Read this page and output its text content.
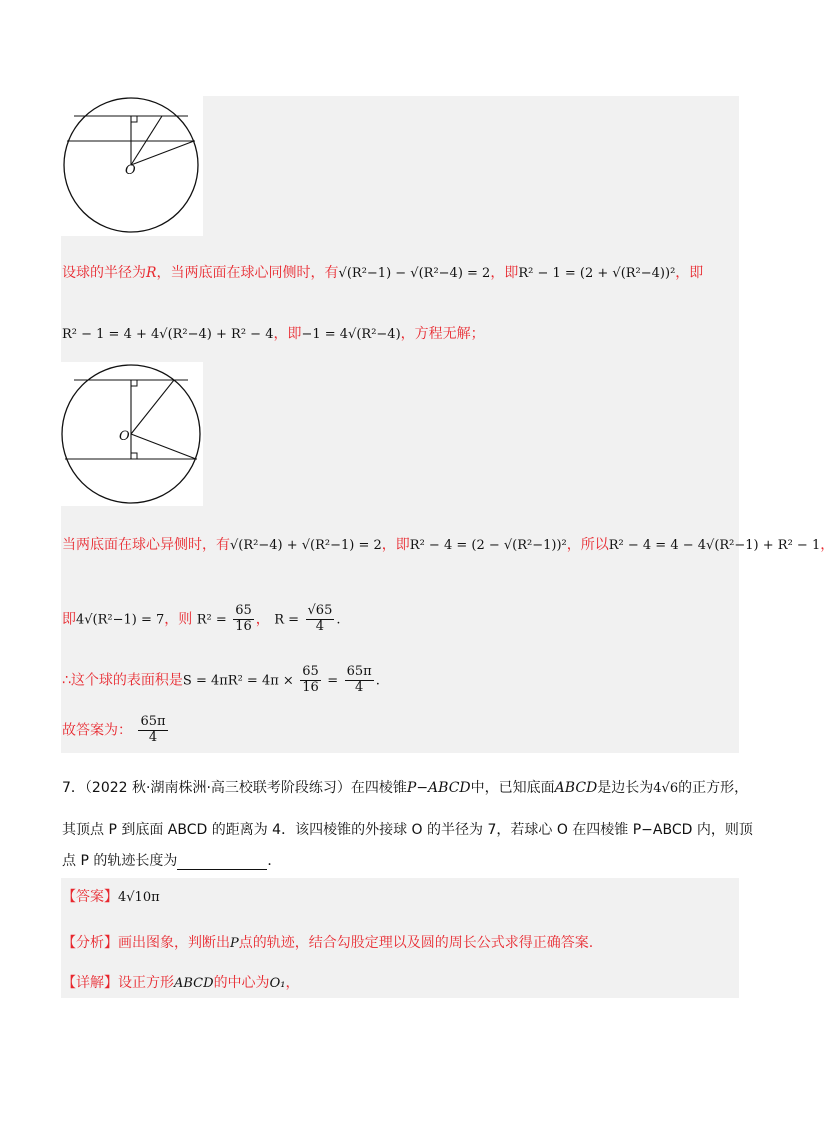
O
设球的半径为R，当两底面在球心同侧时，有√(R²−1) − √(R²−4) = 2，即R² − 1 = (2 + √(R²−4))²，即
R² − 1 = 4 + 4√(R²−4) + R² − 4，即−1 = 4√(R²−4)，方程无解；
O
当两底面在球心异侧时，有√(R²−4) + √(R²−1) = 2，即R² − 4 = (2 − √(R²−1))²，所以R² − 4 = 4 − 4√(R²−1) + R² − 1，
即4√(R²−1) = 7，则 $R^2 = \frac{65}{16}$ ， $R = \frac{√65}{4}$ .
∴这个球的表面积是$S = 4\pi R^2 = 4\pi \times \frac{65}{16} = \frac{65\pi}{4}$ .
故答案为： $\frac{65\pi}{4}$
7．（2022 秋·湖南株洲·高三校联考阶段练习）在四棱锥P−ABCD中，已知底面ABCD是边长为4√6的正方形，
其顶点 P 到底面 ABCD 的距离为 4．该四棱锥的外接球 O 的半径为 7，若球心 O 在四棱锥 P−ABCD 内，则顶
点 P 的轨迹长度为	．
【答案】4√10π
【分析】画出图象，判断出P点的轨迹，结合勾股定理以及圆的周长公式求得正确答案.
【详解】设正方形ABCD的中心为O₁，
